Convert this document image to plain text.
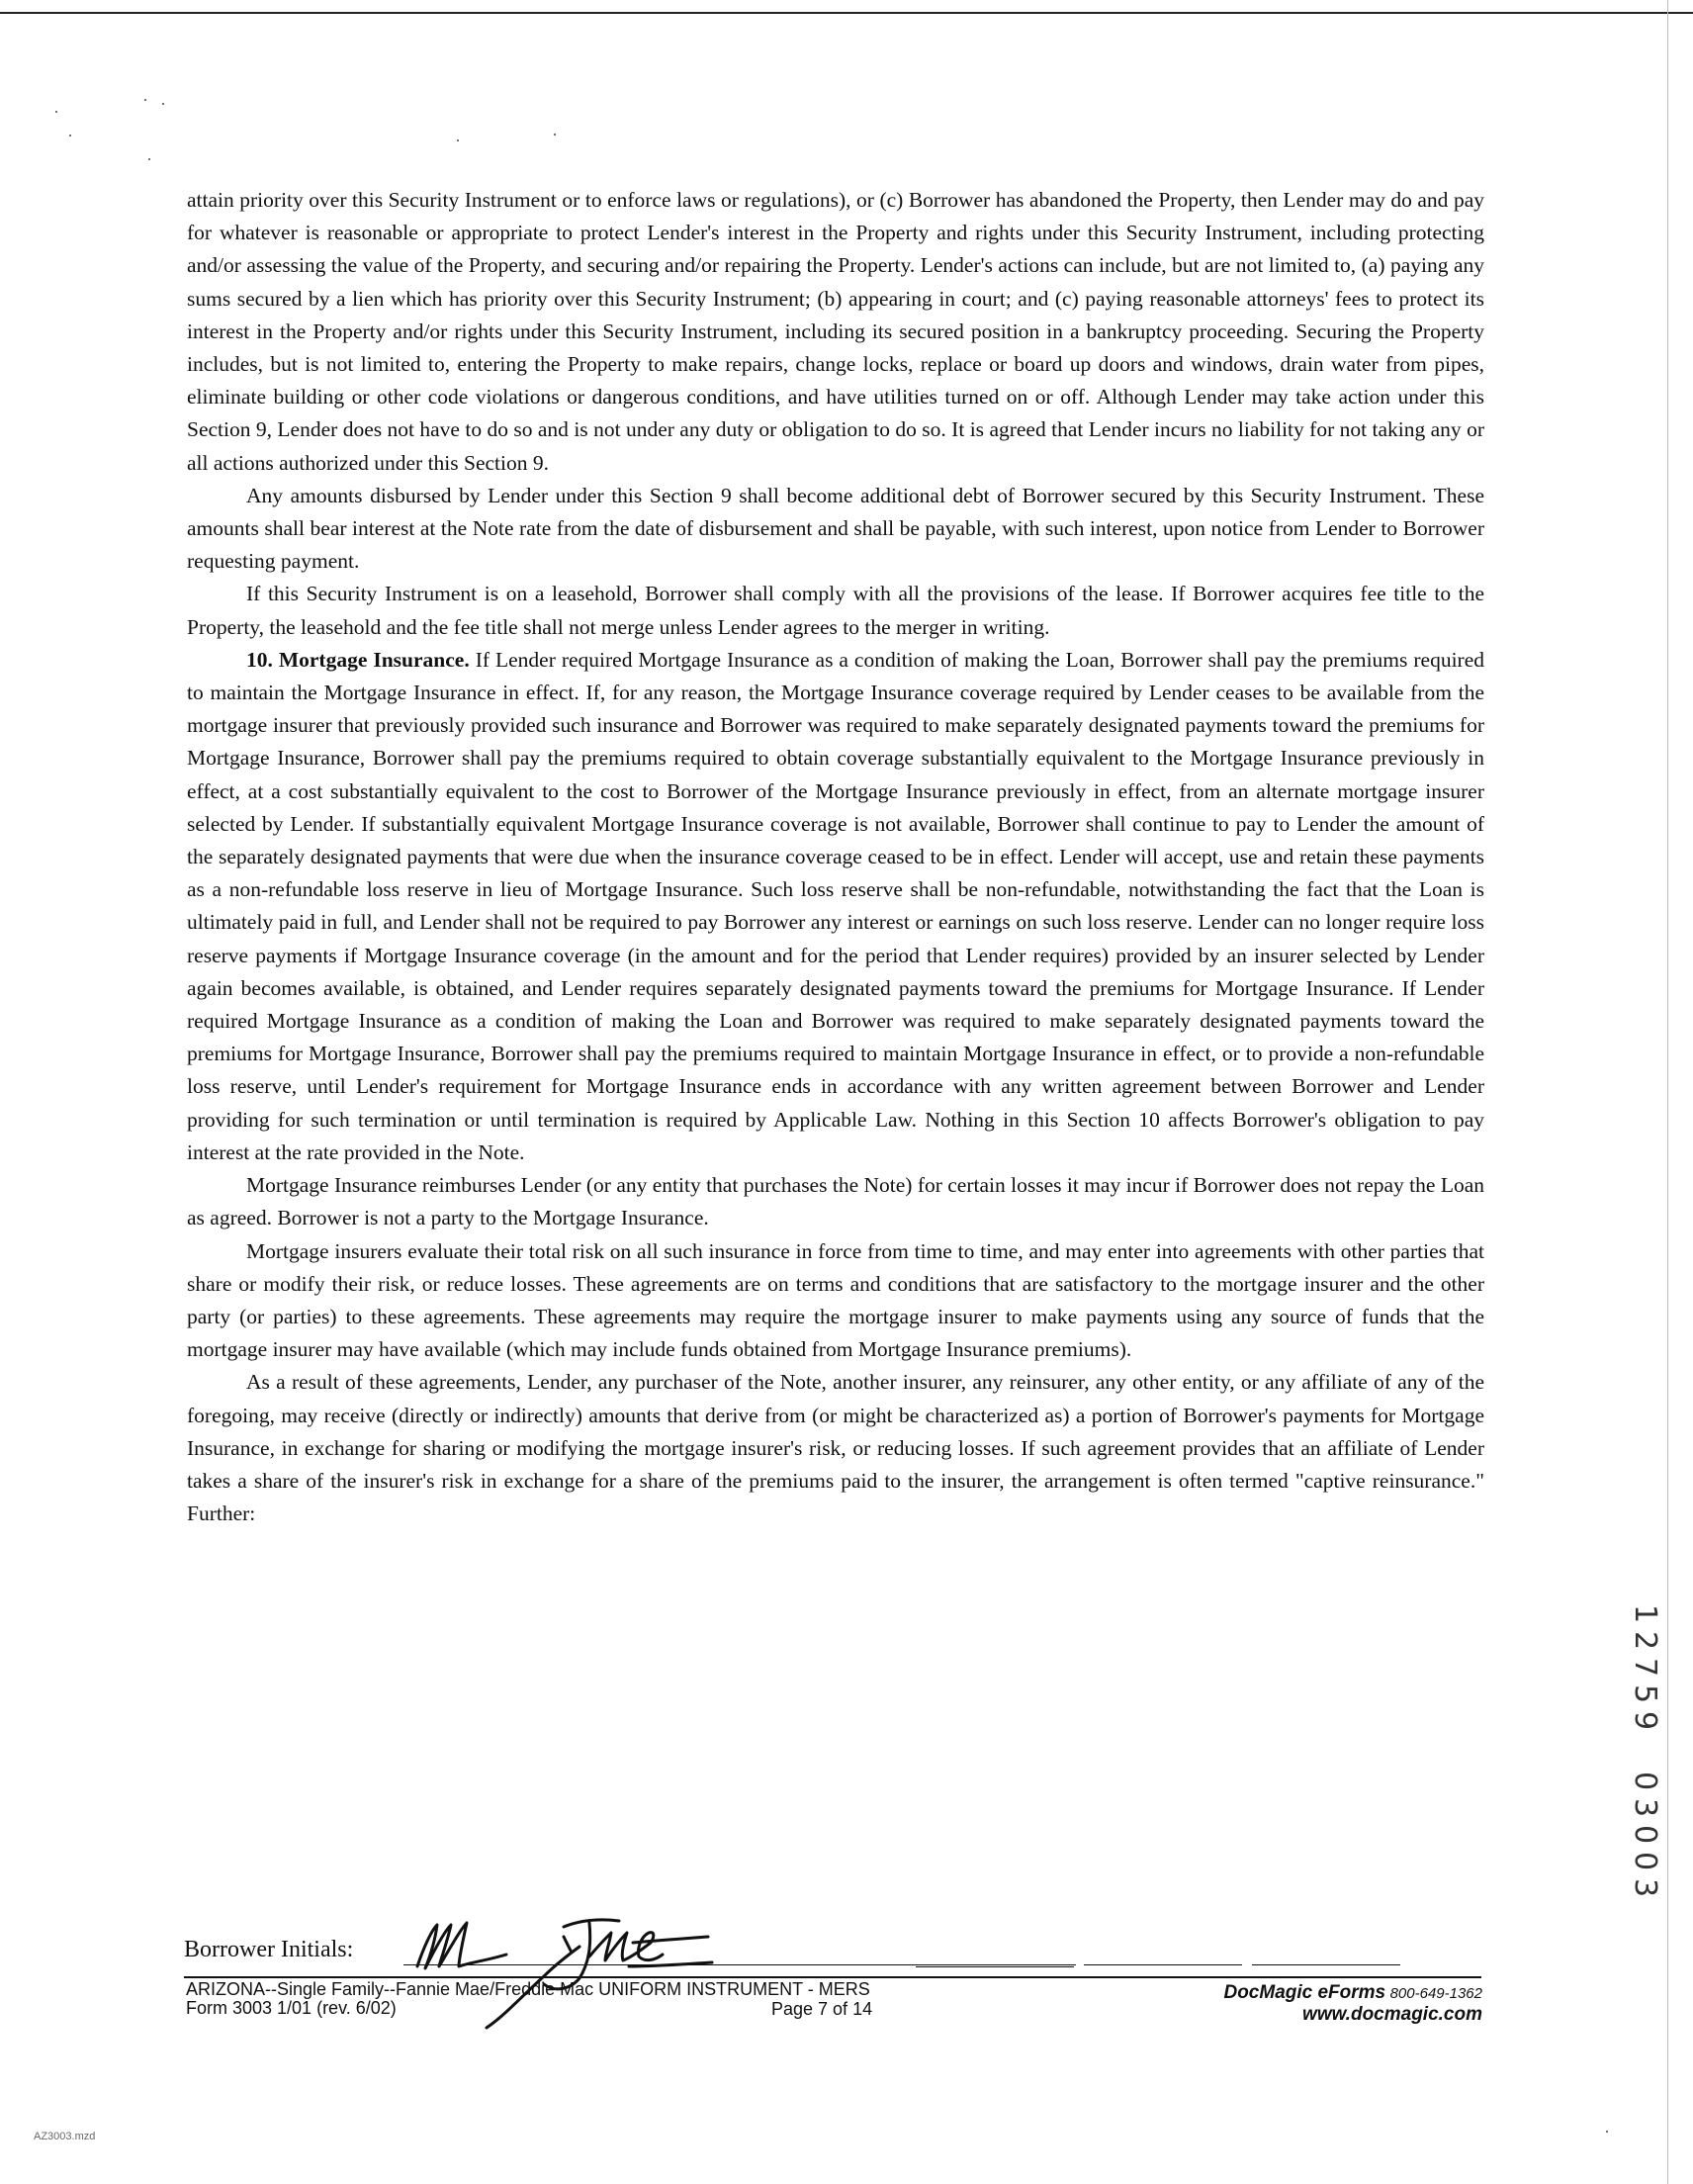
attain priority over this Security Instrument or to enforce laws or regulations), or (c) Borrower has abandoned the Property, then Lender may do and pay for whatever is reasonable or appropriate to protect Lender's interest in the Property and rights under this Security Instrument, including protecting and/or assessing the value of the Property, and securing and/or repairing the Property. Lender's actions can include, but are not limited to, (a) paying any sums secured by a lien which has priority over this Security Instrument; (b) appearing in court; and (c) paying reasonable attorneys' fees to protect its interest in the Property and/or rights under this Security Instrument, including its secured position in a bankruptcy proceeding. Securing the Property includes, but is not limited to, entering the Property to make repairs, change locks, replace or board up doors and windows, drain water from pipes, eliminate building or other code violations or dangerous conditions, and have utilities turned on or off. Although Lender may take action under this Section 9, Lender does not have to do so and is not under any duty or obligation to do so. It is agreed that Lender incurs no liability for not taking any or all actions authorized under this Section 9.

Any amounts disbursed by Lender under this Section 9 shall become additional debt of Borrower secured by this Security Instrument. These amounts shall bear interest at the Note rate from the date of disbursement and shall be payable, with such interest, upon notice from Lender to Borrower requesting payment.

If this Security Instrument is on a leasehold, Borrower shall comply with all the provisions of the lease. If Borrower acquires fee title to the Property, the leasehold and the fee title shall not merge unless Lender agrees to the merger in writing.

10. Mortgage Insurance. If Lender required Mortgage Insurance as a condition of making the Loan, Borrower shall pay the premiums required to maintain the Mortgage Insurance in effect. If, for any reason, the Mortgage Insurance coverage required by Lender ceases to be available from the mortgage insurer that previously provided such insurance and Borrower was required to make separately designated payments toward the premiums for Mortgage Insurance, Borrower shall pay the premiums required to obtain coverage substantially equivalent to the Mortgage Insurance previously in effect, at a cost substantially equivalent to the cost to Borrower of the Mortgage Insurance previously in effect, from an alternate mortgage insurer selected by Lender. If substantially equivalent Mortgage Insurance coverage is not available, Borrower shall continue to pay to Lender the amount of the separately designated payments that were due when the insurance coverage ceased to be in effect. Lender will accept, use and retain these payments as a non-refundable loss reserve in lieu of Mortgage Insurance. Such loss reserve shall be non-refundable, notwithstanding the fact that the Loan is ultimately paid in full, and Lender shall not be required to pay Borrower any interest or earnings on such loss reserve. Lender can no longer require loss reserve payments if Mortgage Insurance coverage (in the amount and for the period that Lender requires) provided by an insurer selected by Lender again becomes available, is obtained, and Lender requires separately designated payments toward the premiums for Mortgage Insurance. If Lender required Mortgage Insurance as a condition of making the Loan and Borrower was required to make separately designated payments toward the premiums for Mortgage Insurance, Borrower shall pay the premiums required to maintain Mortgage Insurance in effect, or to provide a non-refundable loss reserve, until Lender's requirement for Mortgage Insurance ends in accordance with any written agreement between Borrower and Lender providing for such termination or until termination is required by Applicable Law. Nothing in this Section 10 affects Borrower's obligation to pay interest at the rate provided in the Note.

Mortgage Insurance reimburses Lender (or any entity that purchases the Note) for certain losses it may incur if Borrower does not repay the Loan as agreed. Borrower is not a party to the Mortgage Insurance.

Mortgage insurers evaluate their total risk on all such insurance in force from time to time, and may enter into agreements with other parties that share or modify their risk, or reduce losses. These agreements are on terms and conditions that are satisfactory to the mortgage insurer and the other party (or parties) to these agreements. These agreements may require the mortgage insurer to make payments using any source of funds that the mortgage insurer may have available (which may include funds obtained from Mortgage Insurance premiums).

As a result of these agreements, Lender, any purchaser of the Note, another insurer, any reinsurer, any other entity, or any affiliate of any of the foregoing, may receive (directly or indirectly) amounts that derive from (or might be characterized as) a portion of Borrower's payments for Mortgage Insurance, in exchange for sharing or modifying the mortgage insurer's risk, or reducing losses. If such agreement provides that an affiliate of Lender takes a share of the insurer's risk in exchange for a share of the premiums paid to the insurer, the arrangement is often termed "captive reinsurance." Further:

1
2
7
5
9
0
3
0
0
3
Borrower Initials:
ARIZONA--Single Family--Fannie Mae/Freddie Mac UNIFORM INSTRUMENT - MERS
Form 3003 1/01 (rev. 6/02)	Page 7 of 14
DocMagic eForms 800-649-1362
www.docmagic.com
AZ3003.mzd
